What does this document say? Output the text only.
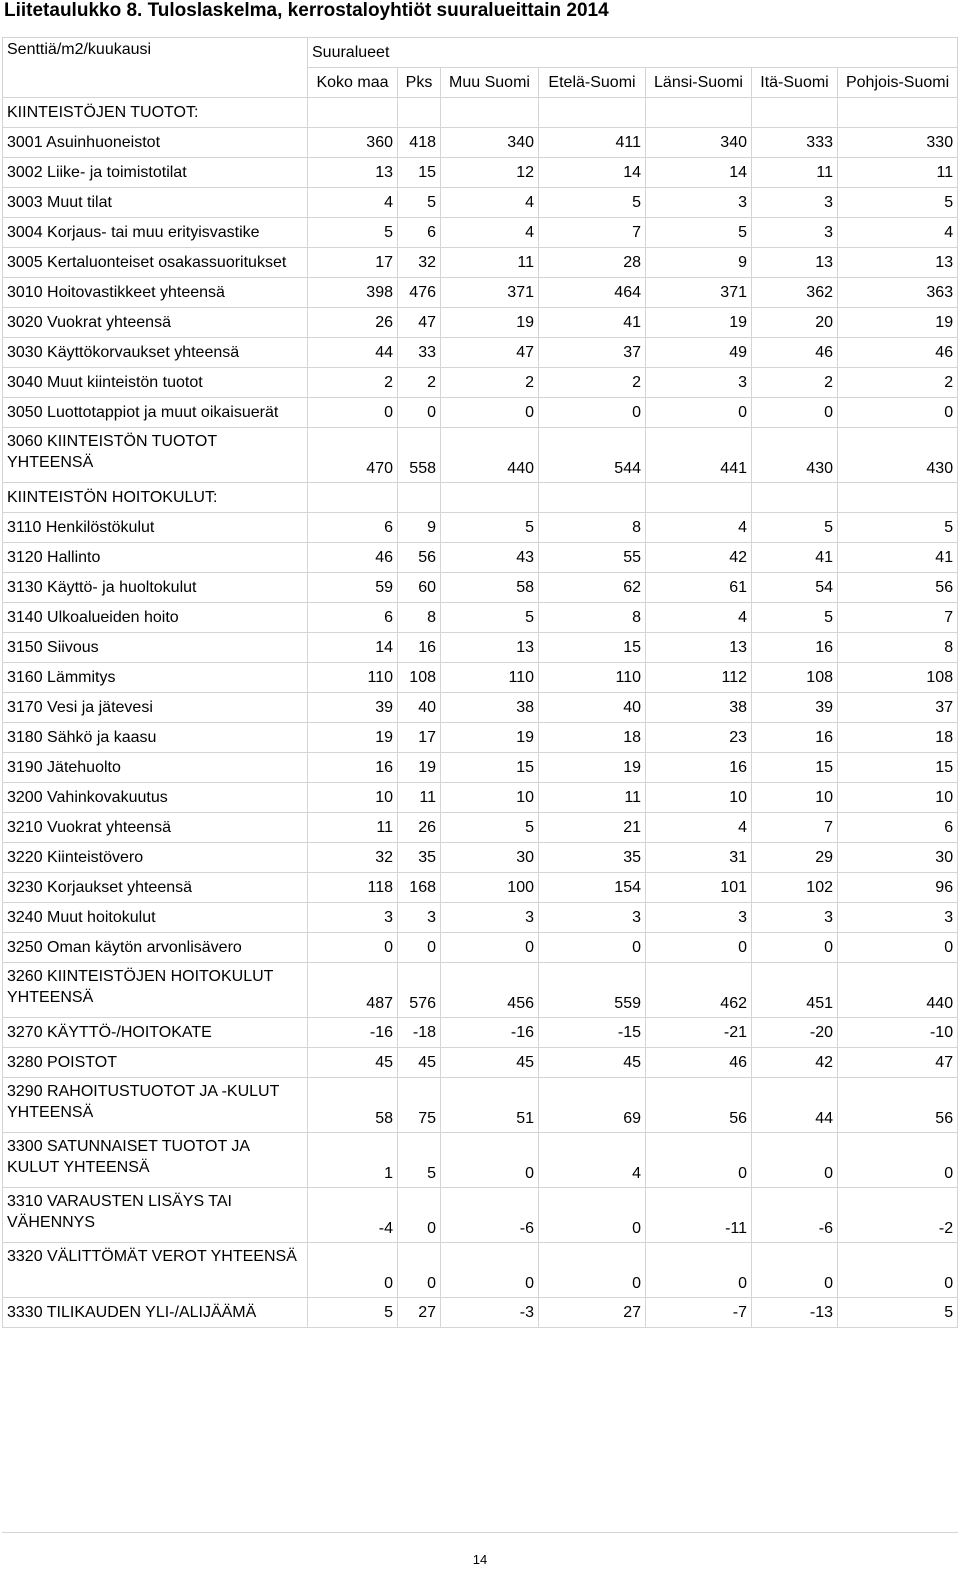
Liitetaulukko 8. Tuloslaskelma, kerrostaloyhtiöt suuralueittain 2014
Senttiä/m2/kuukausi	Suuralueet						
	Koko maa	Pks	Muu Suomi	Etelä-Suomi	Länsi-Suomi	Itä-Suomi	Pohjois-Suomi
KIINTEISTÖJEN TUOTOT:							
3001 Asuinhuoneistot	360	418	340	411	340	333	330
3002 Liike- ja toimistotilat	13	15	12	14	14	11	11
3003 Muut tilat	4	5	4	5	3	3	5
3004 Korjaus- tai muu erityisvastike	5	6	4	7	5	3	4
3005 Kertaluonteiset osakassuoritukset	17	32	11	28	9	13	13
3010 Hoitovastikkeet yhteensä	398	476	371	464	371	362	363
3020 Vuokrat yhteensä	26	47	19	41	19	20	19
3030 Käyttökorvaukset yhteensä	44	33	47	37	49	46	46
3040 Muut kiinteistön tuotot	2	2	2	2	3	2	2
3050 Luottotappiot ja muut oikaisuerät	0	0	0	0	0	0	0
3060 KIINTEISTÖN TUOTOT YHTEENSÄ	470	558	440	544	441	430	430
KIINTEISTÖN HOITOKULUT:							
3110 Henkilöstökulut	6	9	5	8	4	5	5
3120 Hallinto	46	56	43	55	42	41	41
3130 Käyttö- ja huoltokulut	59	60	58	62	61	54	56
3140 Ulkoalueiden hoito	6	8	5	8	4	5	7
3150 Siivous	14	16	13	15	13	16	8
3160 Lämmitys	110	108	110	110	112	108	108
3170 Vesi ja jätevesi	39	40	38	40	38	39	37
3180 Sähkö ja kaasu	19	17	19	18	23	16	18
3190 Jätehuolto	16	19	15	19	16	15	15
3200 Vahinkovakuutus	10	11	10	11	10	10	10
3210 Vuokrat yhteensä	11	26	5	21	4	7	6
3220 Kiinteistövero	32	35	30	35	31	29	30
3230 Korjaukset yhteensä	118	168	100	154	101	102	96
3240 Muut hoitokulut	3	3	3	3	3	3	3
3250 Oman käytön arvonlisävero	0	0	0	0	0	0	0
3260 KIINTEISTÖJEN HOITOKULUT YHTEENSÄ	487	576	456	559	462	451	440
3270 KÄYTTÖ-/HOITOKATE	-16	-18	-16	-15	-21	-20	-10
3280 POISTOT	45	45	45	45	46	42	47
3290 RAHOITUSTUOTOT JA -KULUT YHTEENSÄ	58	75	51	69	56	44	56
3300 SATUNNAISET TUOTOT JA KULUT YHTEENSÄ	1	5	0	4	0	0	0
3310 VARAUSTEN LISÄYS TAI VÄHENNYS	-4	0	-6	0	-11	-6	-2
3320 VÄLITTÖMÄT VEROT YHTEENSÄ	0	0	0	0	0	0	0
3330 TILIKAUDEN YLI-/ALIJÄÄMÄ	5	27	-3	27	-7	-13	5
14
